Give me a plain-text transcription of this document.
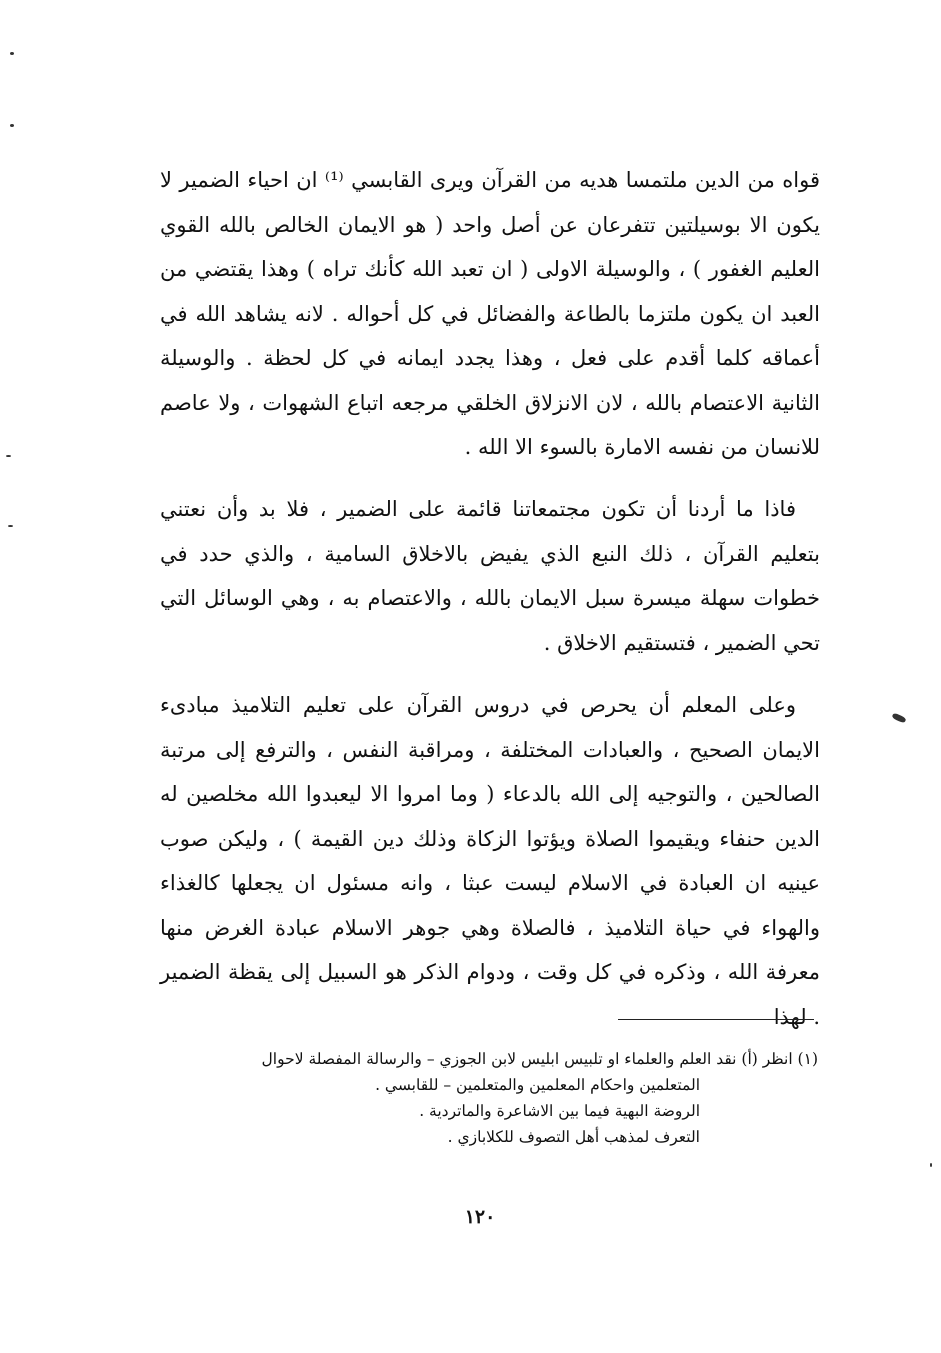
قواه من الدين ملتمسا هديه من القرآن ويرى القابسي ⁽¹⁾ ان احياء الضمير لا يكون الا بوسيلتين تتفرعان عن أصل واحد ( هو الايمان الخالص بالله القوي العليم الغفور ) ، والوسيلة الاولى ( ان تعبد الله كأنك تراه ) وهذا يقتضي من العبد ان يكون ملتزما بالطاعة والفضائل في كل أحواله . لانه يشاهد الله في أعماقه كلما أقدم على فعل ، وهذا يجدد ايمانه في كل لحظة . والوسيلة الثانية الاعتصام بالله ، لان الانزلاق الخلقي مرجعه اتباع الشهوات ، ولا عاصم للانسان من نفسه الامارة بالسوء الا الله .

فاذا ما أردنا أن تكون مجتمعاتنا قائمة على الضمير ، فلا بد وأن نعتني بتعليم القرآن ، ذلك النبع الذي يفيض بالاخلاق السامية ، والذي حدد في خطوات سهلة ميسرة سبل الايمان بالله ، والاعتصام به ، وهي الوسائل التي تحي الضمير ، فتستقيم الاخلاق .

وعلى المعلم أن يحرص في دروس القرآن على تعليم التلاميذ مبادىء الايمان الصحيح ، والعبادات المختلفة ، ومراقبة النفس ، والترفع إلى مرتبة الصالحين ، والتوجيه إلى الله بالدعاء ( وما امروا الا ليعبدوا الله مخلصين له الدين حنفاء ويقيموا الصلاة ويؤتوا الزكاة وذلك دين القيمة ) ، وليكن صوب عينيه ان العبادة في الاسلام ليست عبثا ، وانه مسئول ان يجعلها كالغذاء والهواء في حياة التلاميذ ، فالصلاة وهي جوهر الاسلام عبادة الغرض منها معرفة الله ، وذكره في كل وقت ، ودوام الذكر هو السبيل إلى يقظة الضمير . لهذا

(١) انظر (أ) نقد العلم والعلماء او تلبيس ابليس لابن الجوزي – والرسالة المفصلة لاحوال
المتعلمين واحكام المعلمين والمتعلمين – للقابسي .
الروضة البهية فيما بين الاشاعرة والماتردية .
التعرف لمذهب أهل التصوف للكلابازي .
١٢٠
